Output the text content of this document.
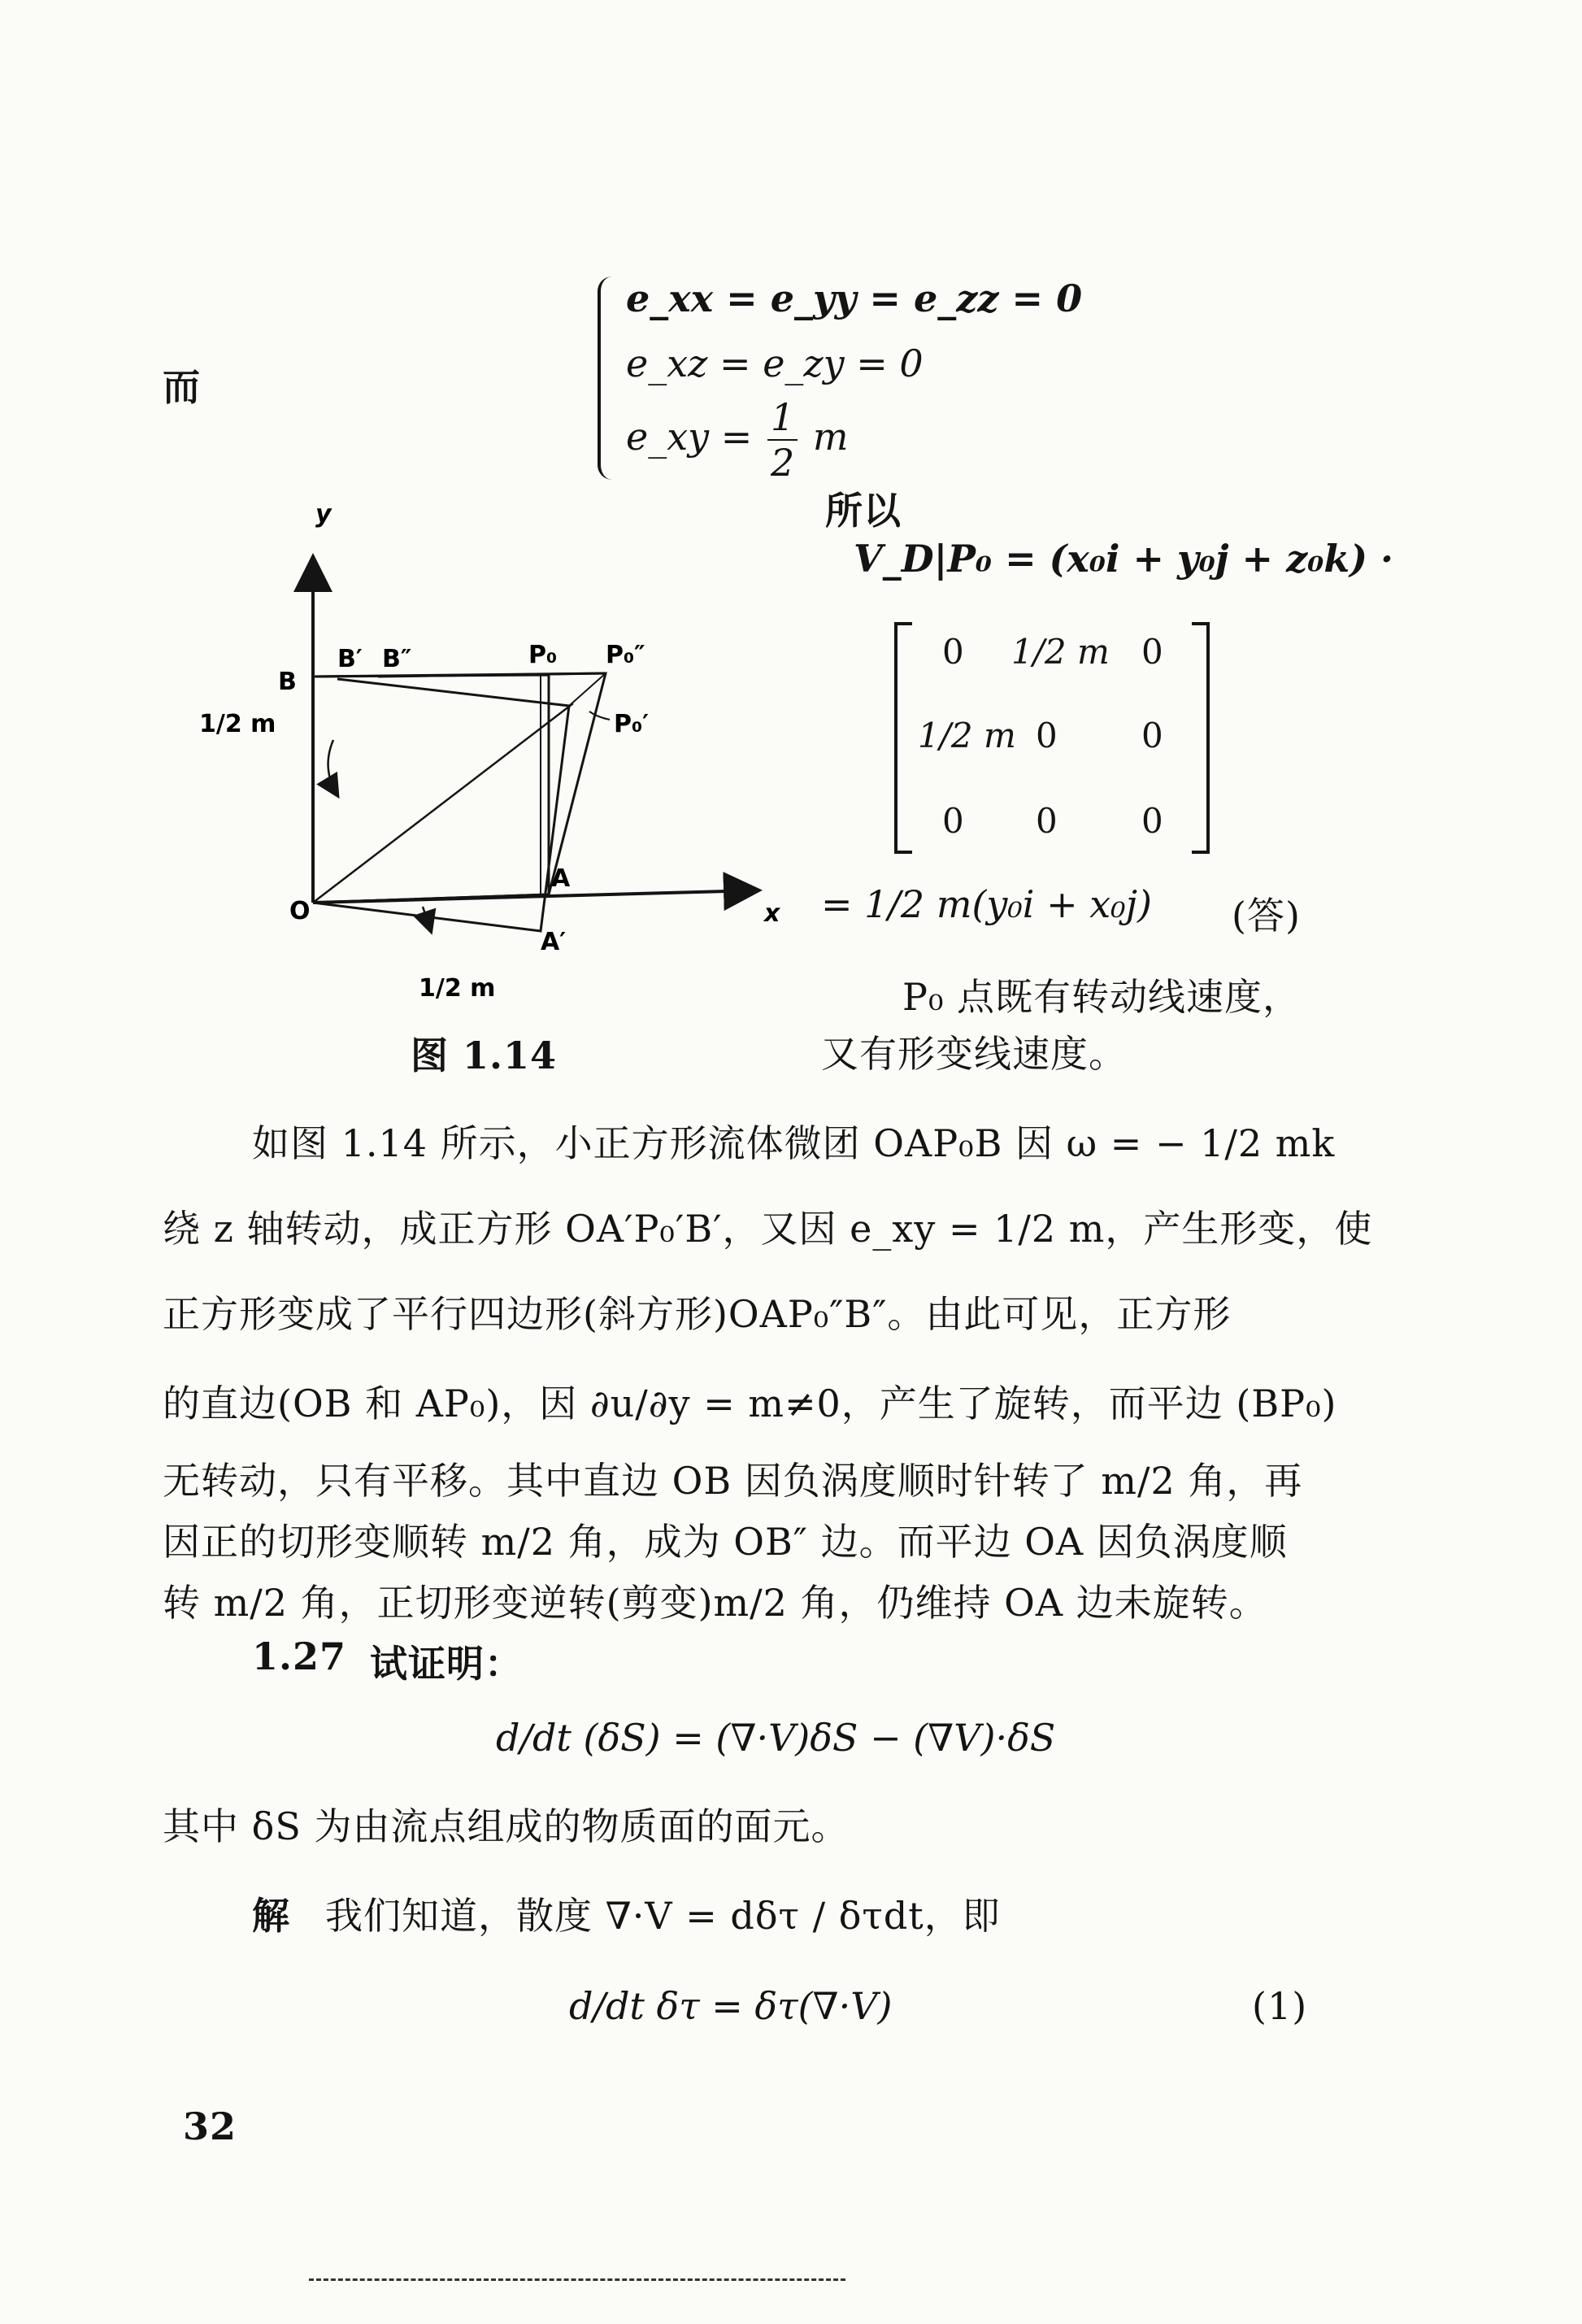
而
e_xx = e_yy = e_zz = 0
e_xz = e_zy = 0
e_xy = $\frac{1}{2}$ m
所以
V_D|P₀ = (x₀i + y₀j + z₀k) ·
0 1/2 m 0
1/2 m 0 0
0 0 0
= 1/2 m(y₀i + x₀j) (答)
P₀ 点既有转动线速度，
又有形变线速度。
y
x
O
B
B′ B″	P₀ P₀″
P₀′
A
A′
1/2 m
1/2 m
图 1.14
如图 1.14 所示，小正方形流体微团 OAP₀B 因 ω = − 1/2 mk
绕 z 轴转动，成正方形 OA′P₀′B′，又因 e_xy = 1/2 m，产生形变，使
正方形变成了平行四边形(斜方形)OAP₀″B″。由此可见，正方形
的直边(OB 和 AP₀)，因 ∂u/∂y = m≠0，产生了旋转，而平边 (BP₀)
无转动，只有平移。其中直边 OB 因负涡度顺时针转了 m/2 角，再
因正的切形变顺转 m/2 角，成为 OB″ 边。而平边 OA 因负涡度顺
转 m/2 角，正切形变逆转(剪变)m/2 角，仍维持 OA 边未旋转。
1.27 试证明：
d/dt (δS) = (∇·V)δS − (∇V)·δS
其中 δS 为由流点组成的物质面的面元。
解 我们知道，散度 ∇·V = dδτ / δτdt，即
d/dt δτ = δτ(∇·V)	(1)
32
